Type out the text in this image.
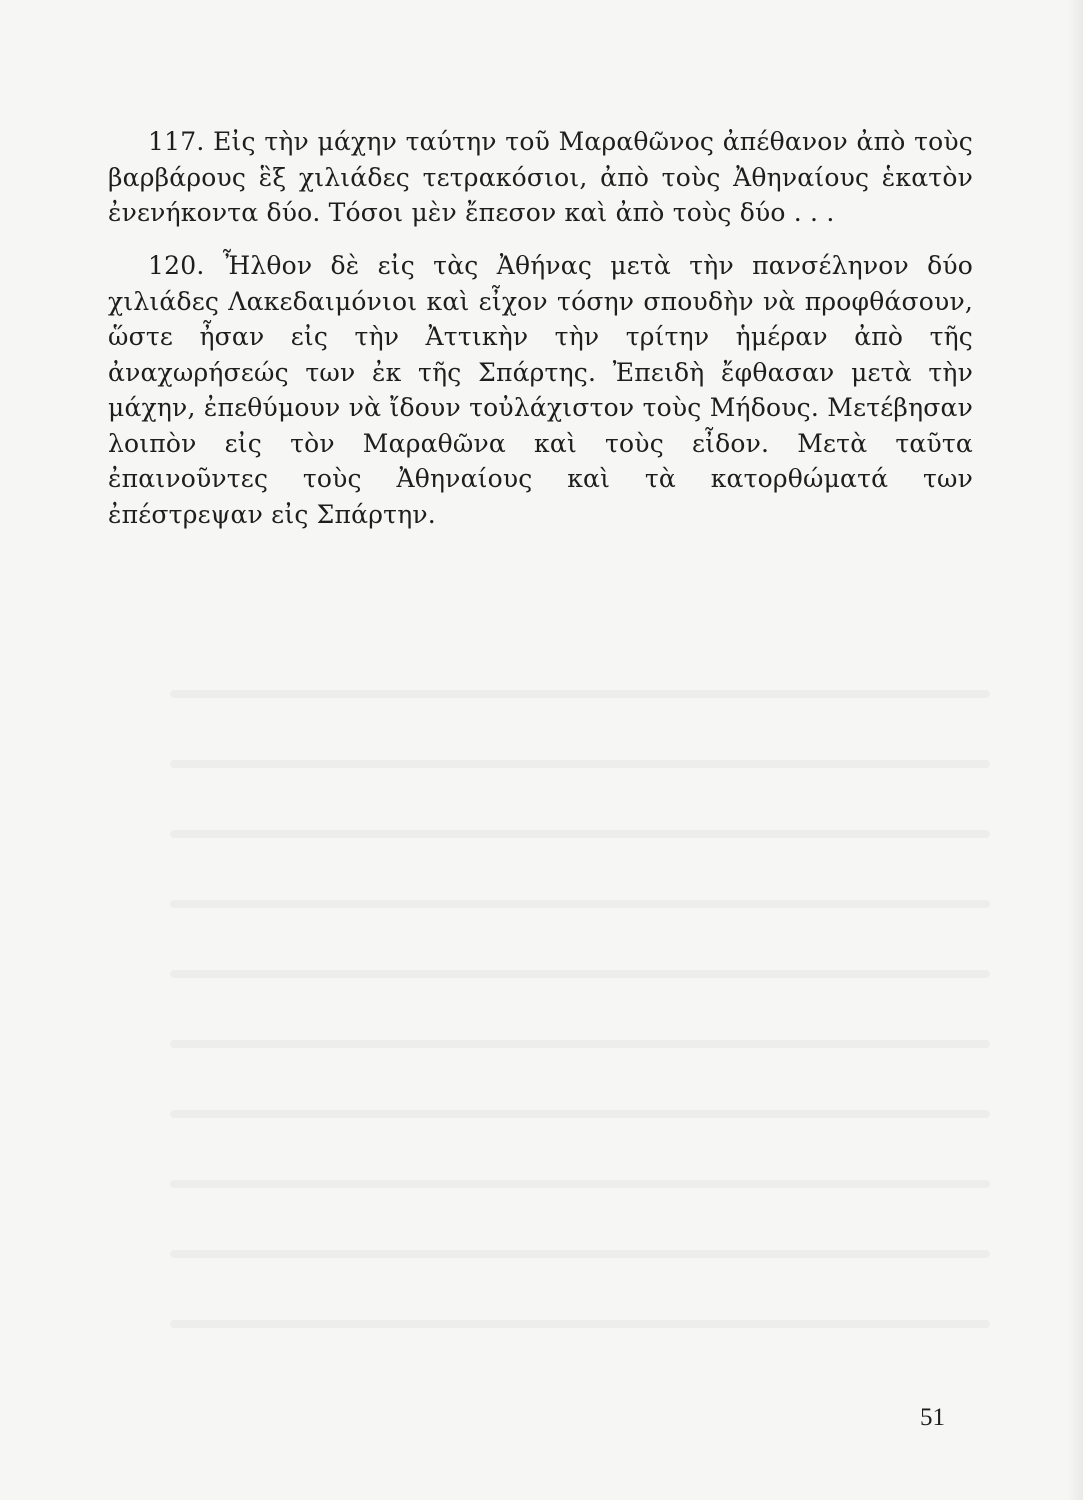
117. Εἰς τὴν μάχην ταύτην τοῦ Μαραθῶνος ἀπέθανον ἀπὸ τοὺς βαρβάρους ἓξ χιλιάδες τετρακόσιοι, ἀπὸ τοὺς Ἀθηναίους ἑκατὸν ἐνενήκοντα δύο. Τόσοι μὲν ἔπεσον καὶ ἀπὸ τοὺς δύο . . .

120. Ἦλθον δὲ εἰς τὰς Ἀθήνας μετὰ τὴν πανσέληνον δύο χιλιάδες Λακεδαιμόνιοι καὶ εἶχον τόσην σπουδὴν νὰ προφθάσουν, ὥστε ἦσαν εἰς τὴν Ἀττικὴν τὴν τρίτην ἡμέραν ἀπὸ τῆς ἀναχωρήσεώς των ἐκ τῆς Σπάρτης. Ἐπειδὴ ἔφθασαν μετὰ τὴν μάχην, ἐπεθύμουν νὰ ἴδουν τοὐλάχιστον τοὺς Μήδους. Μετέβησαν λοιπὸν εἰς τὸν Μαραθῶνα καὶ τοὺς εἶδον. Μετὰ ταῦτα ἐπαινοῦντες τοὺς Ἀθηναίους καὶ τὰ κατορθώματά των ἐπέστρεψαν εἰς Σπάρτην.

51
